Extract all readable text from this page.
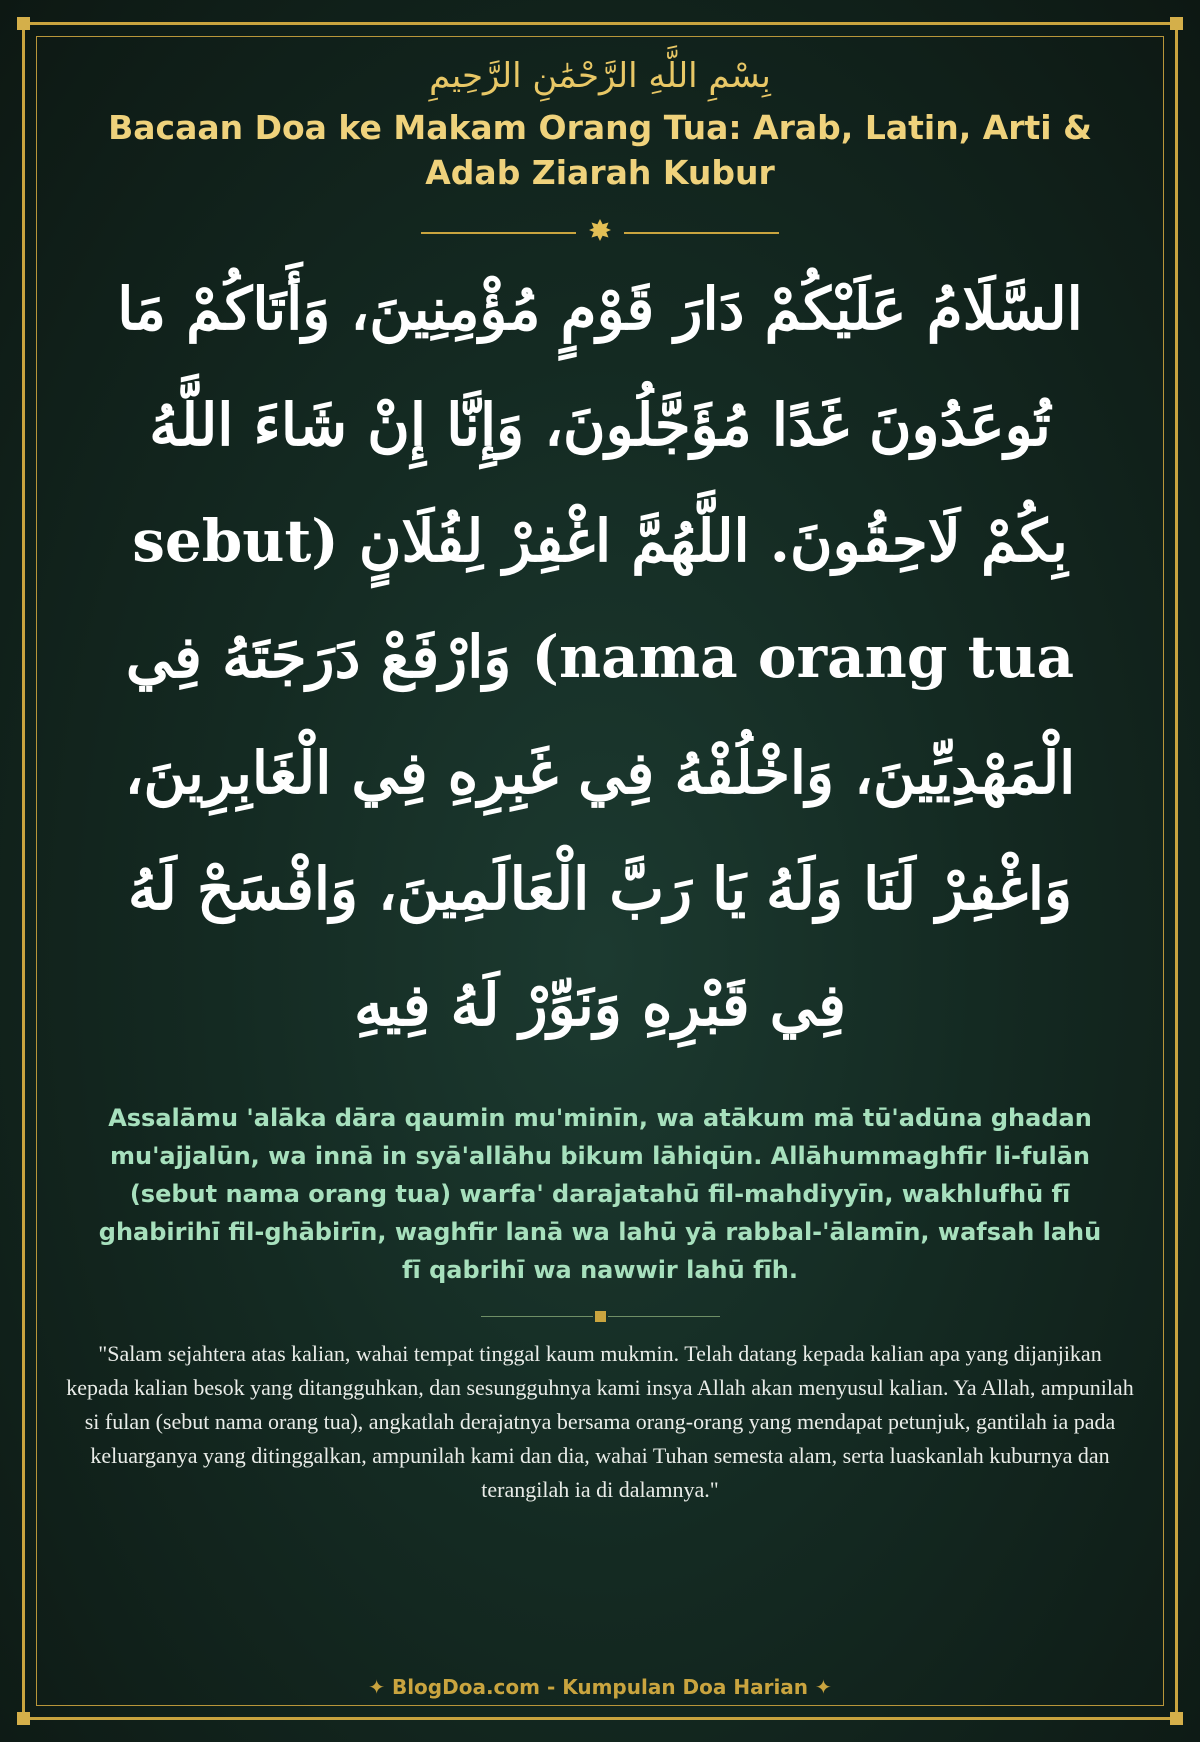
بِسْمِ اللَّهِ الرَّحْمَٰنِ الرَّحِيمِ
Bacaan Doa ke Makam Orang Tua: Arab, Latin, Arti & Adab Ziarah Kubur
السَّلَامُ عَلَيْكُمْ دَارَ قَوْمٍ مُؤْمِنِينَ، وَأَتَاكُمْ مَا تُوعَدُونَ غَدًا مُؤَجَّلُونَ، وَإِنَّا إِنْ شَاءَ اللَّهُ بِكُمْ لَاحِقُونَ. اللَّهُمَّ اغْفِرْ لِفُلَانٍ (sebut nama orang tua) وَارْفَعْ دَرَجَتَهُ فِي الْمَهْدِيِّينَ، وَاخْلُفْهُ فِي غَبِرِهِ فِي الْغَابِرِينَ، وَاغْفِرْ لَنَا وَلَهُ يَا رَبَّ الْعَالَمِينَ، وَافْسَحْ لَهُ فِي قَبْرِهِ وَنَوِّرْ لَهُ فِيهِ
Assalāmu 'alāka dāra qaumin mu'minīn, wa atākum mā tū'adūna ghadan mu'ajjalūn, wa innā in syā'allāhu bikum lāhiqūn. Allāhummaghfir li-fulān (sebut nama orang tua) warfa' darajatahū fil-mahdiyyīn, wakhlufhū fī ghabirihī fil-ghābirīn, waghfir lanā wa lahū yā rabbal-'ālamīn, wafsah lahū fī qabrihī wa nawwir lahū fīh.
"Salam sejahtera atas kalian, wahai tempat tinggal kaum mukmin. Telah datang kepada kalian apa yang dijanjikan kepada kalian besok yang ditangguhkan, dan sesungguhnya kami insya Allah akan menyusul kalian. Ya Allah, ampunilah si fulan (sebut nama orang tua), angkatlah derajatnya bersama orang-orang yang mendapat petunjuk, gantilah ia pada keluarganya yang ditinggalkan, ampunilah kami dan dia, wahai Tuhan semesta alam, serta luaskanlah kuburnya dan terangilah ia di dalamnya."
✦ BlogDoa.com - Kumpulan Doa Harian ✦
